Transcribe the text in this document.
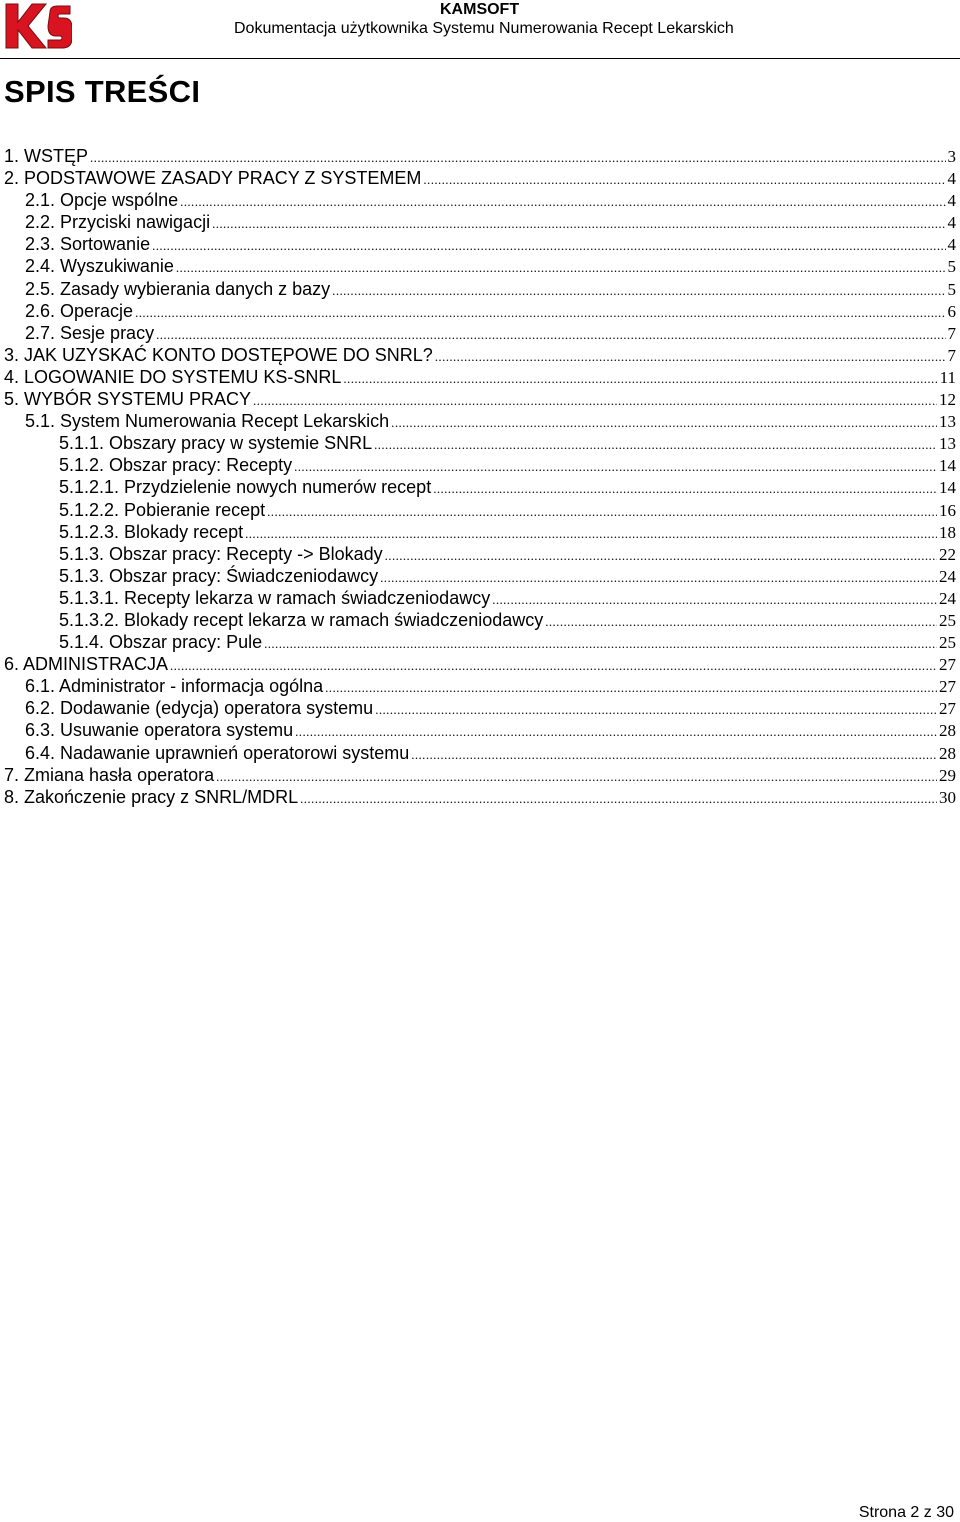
KAMSOFT
Dokumentacja użytkownika Systemu Numerowania Recept Lekarskich
SPIS TREŚCI
1. WSTĘP .....	3
2. PODSTAWOWE ZASADY PRACY Z SYSTEMEM .....	4
2.1. Opcje wspólne .....	4
2.2. Przyciski nawigacji .....	4
2.3. Sortowanie .....	4
2.4. Wyszukiwanie .....	5
2.5. Zasady wybierania danych z bazy .....	5
2.6. Operacje .....	6
2.7. Sesje pracy .....	7
3. JAK UZYSKAĆ KONTO DOSTĘPOWE DO SNRL? .....	7
4. LOGOWANIE DO SYSTEMU KS-SNRL .....	11
5. WYBÓR SYSTEMU PRACY .....	12
5.1. System Numerowania Recept Lekarskich .....	13
5.1.1. Obszary pracy w systemie SNRL .....	13
5.1.2. Obszar pracy: Recepty .....	14
5.1.2.1. Przydzielenie nowych numerów recept .....	14
5.1.2.2. Pobieranie recept .....	16
5.1.2.3. Blokady recept .....	18
5.1.3. Obszar pracy: Recepty -> Blokady .....	22
5.1.3. Obszar pracy: Świadczeniodawcy .....	24
5.1.3.1. Recepty lekarza w ramach świadczeniodawcy .....	24
5.1.3.2. Blokady recept lekarza w ramach świadczeniodawcy .....	25
5.1.4. Obszar pracy: Pule .....	25
6. ADMINISTRACJA .....	27
6.1. Administrator - informacja ogólna .....	27
6.2. Dodawanie (edycja) operatora systemu .....	27
6.3. Usuwanie operatora systemu .....	28
6.4. Nadawanie uprawnień operatorowi systemu .....	28
7. Zmiana hasła operatora .....	29
8. Zakończenie pracy z SNRL/MDRL .....	30
Strona 2 z 30
